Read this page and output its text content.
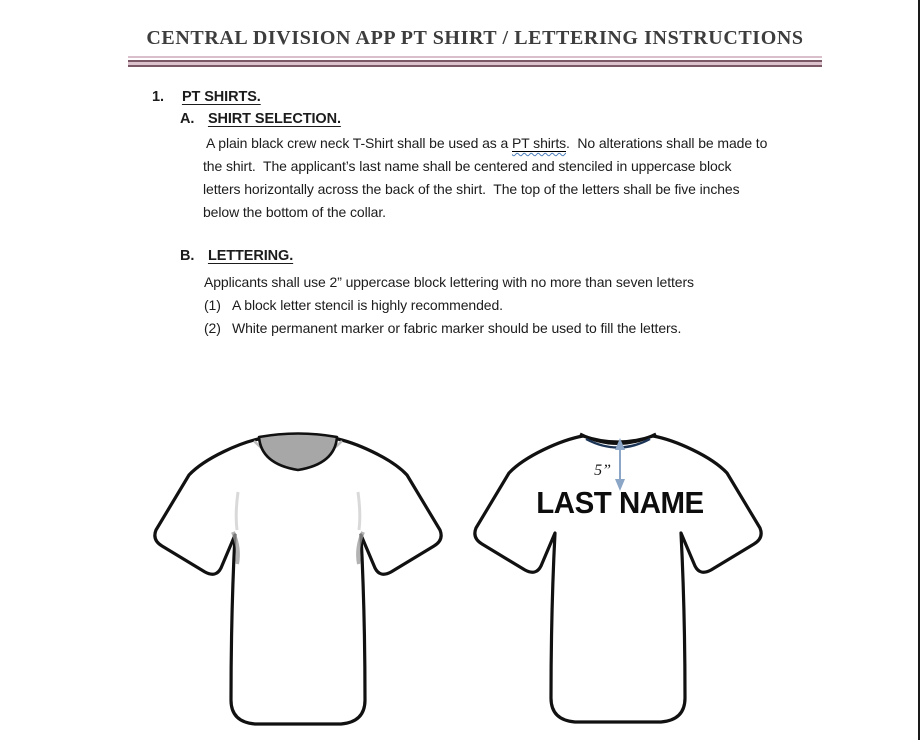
CENTRAL DIVISION APP PT SHIRT / LETTERING INSTRUCTIONS
1. PT SHIRTS.
A. SHIRT SELECTION.
A plain black crew neck T-Shirt shall be used as a PT shirts.  No alterations shall be made to
the shirt.  The applicant’s last name shall be centered and stenciled in uppercase block
letters horizontally across the back of the shirt.  The top of the letters shall be five inches
below the bottom of the collar.
B. LETTERING.
Applicants shall use 2” uppercase block lettering with no more than seven letters
(1) A block letter stencil is highly recommended.
(2) White permanent marker or fabric marker should be used to fill the letters.
5”
LAST NAME
